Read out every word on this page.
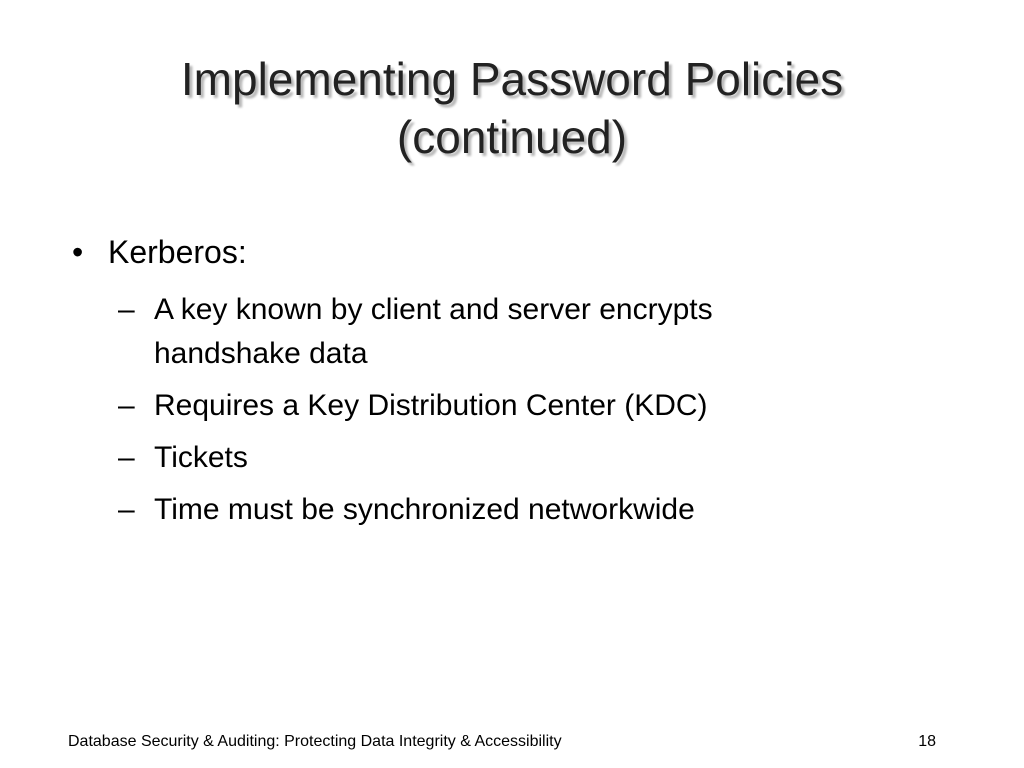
Implementing Password Policies
(continued)
• Kerberos:
– A key known by client and server encrypts
handshake data
– Requires a Key Distribution Center (KDC)
– Tickets
– Time must be synchronized networkwide
Database Security & Auditing: Protecting Data Integrity & Accessibility	18
